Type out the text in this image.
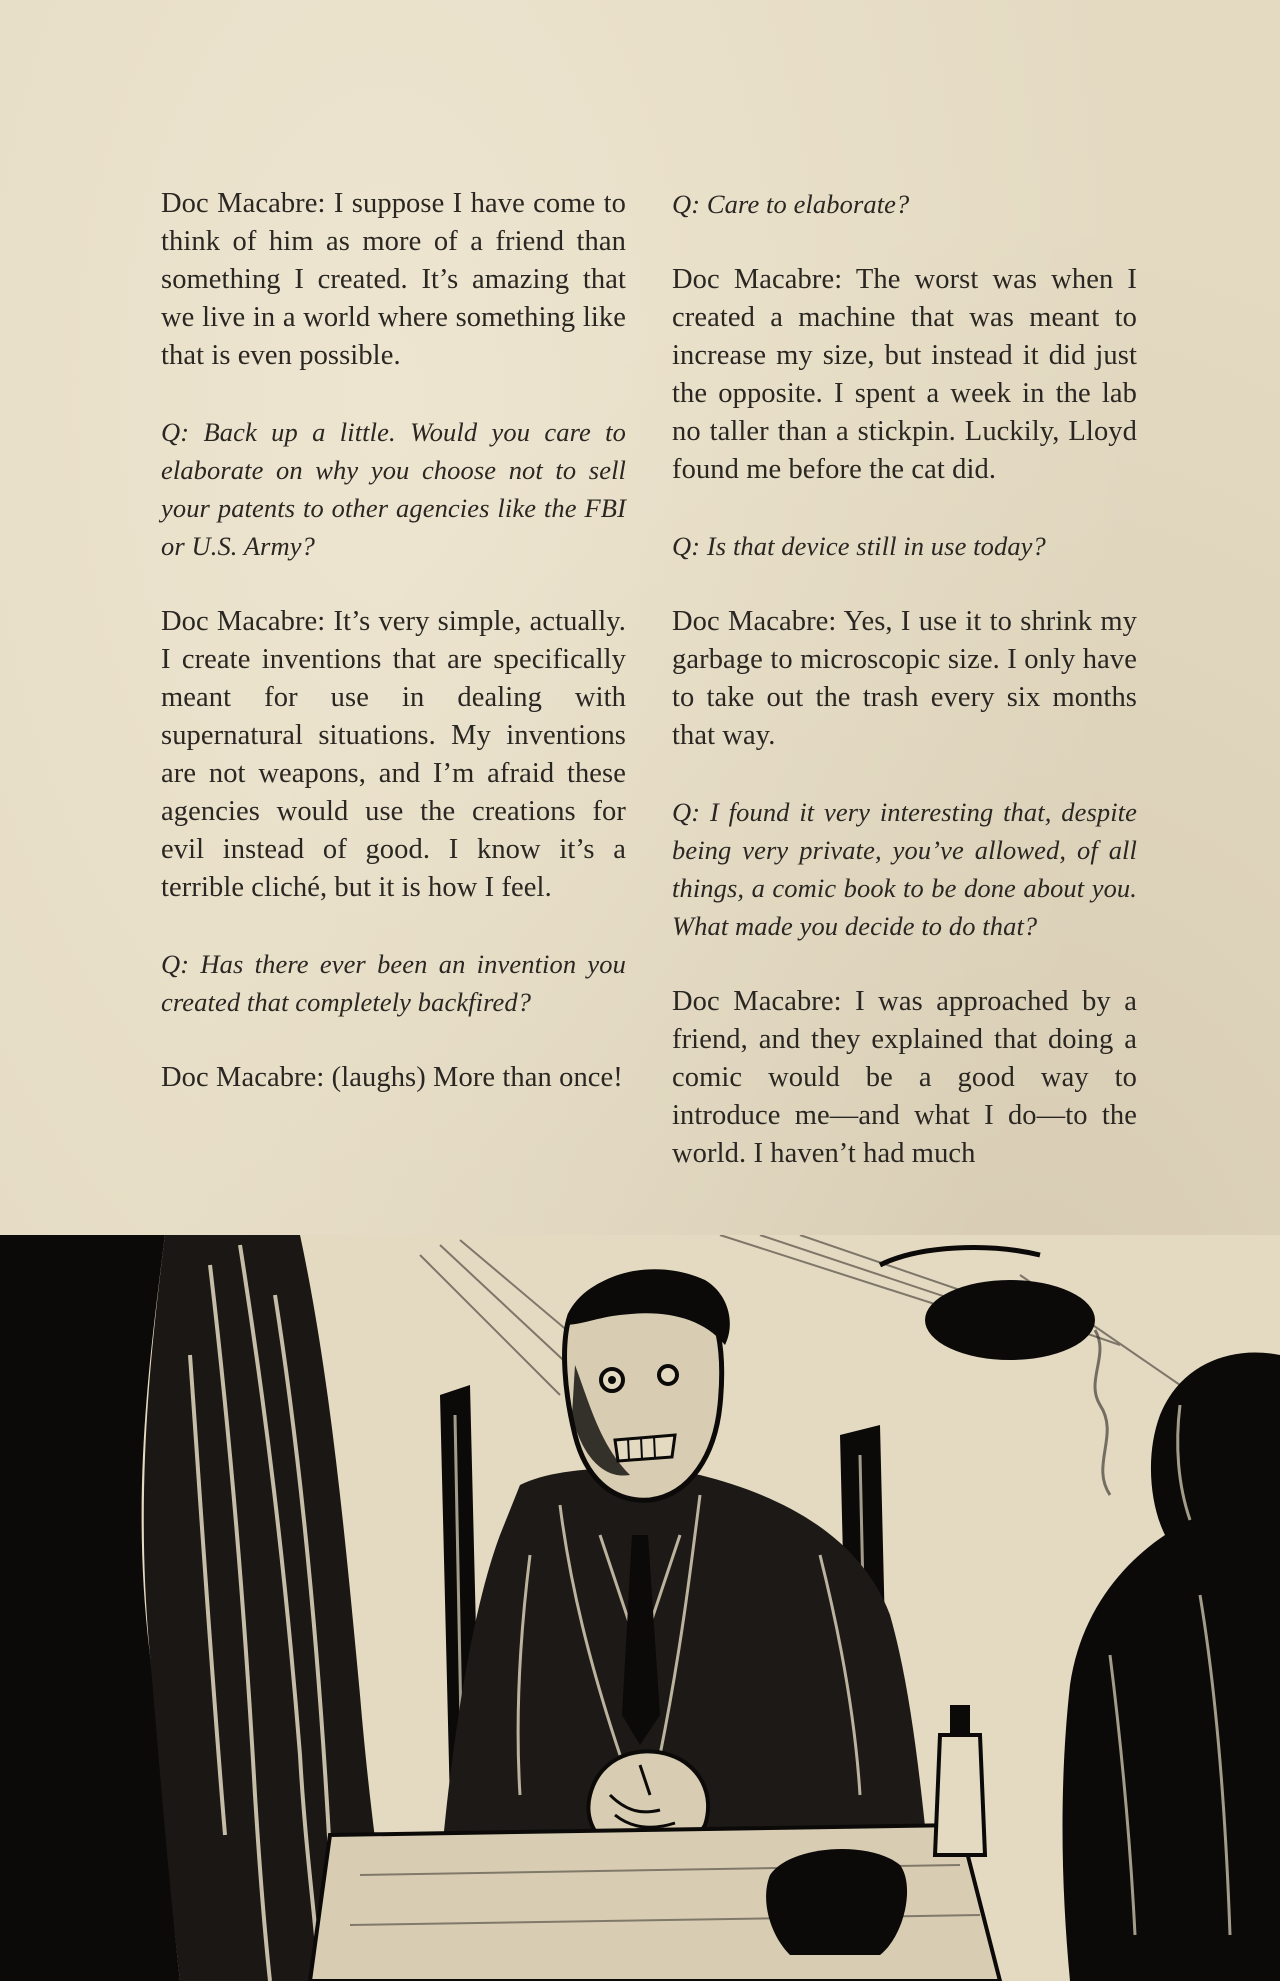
Doc Macabre: I suppose I have come to think of him as more of a friend than something I created. It’s amazing that we live in a world where something like that is even possible.

Q: Back up a little. Would you care to elaborate on why you choose not to sell your patents to other agencies like the FBI or U.S. Army?

Doc Macabre: It’s very simple, actually. I create inventions that are specifically meant for use in dealing with supernatural situations. My inventions are not weapons, and I’m afraid these agencies would use the creations for evil instead of good. I know it’s a terrible cliché, but it is how I feel.

Q: Has there ever been an invention you created that completely backfired?

Doc Macabre: (laughs) More than once!

Q: Care to elaborate?

Doc Macabre: The worst was when I created a machine that was meant to increase my size, but instead it did just the opposite. I spent a week in the lab no taller than a stickpin. Luckily, Lloyd found me before the cat did.

Q: Is that device still in use today?

Doc Macabre: Yes, I use it to shrink my garbage to microscopic size. I only have to take out the trash every six months that way.

Q: I found it very interesting that, despite being very private, you’ve allowed, of all things, a comic book to be done about you. What made you decide to do that?

Doc Macabre: I was approached by a friend, and they explained that doing a comic would be a good way to introduce me—and what I do—to the world. I haven’t had much
